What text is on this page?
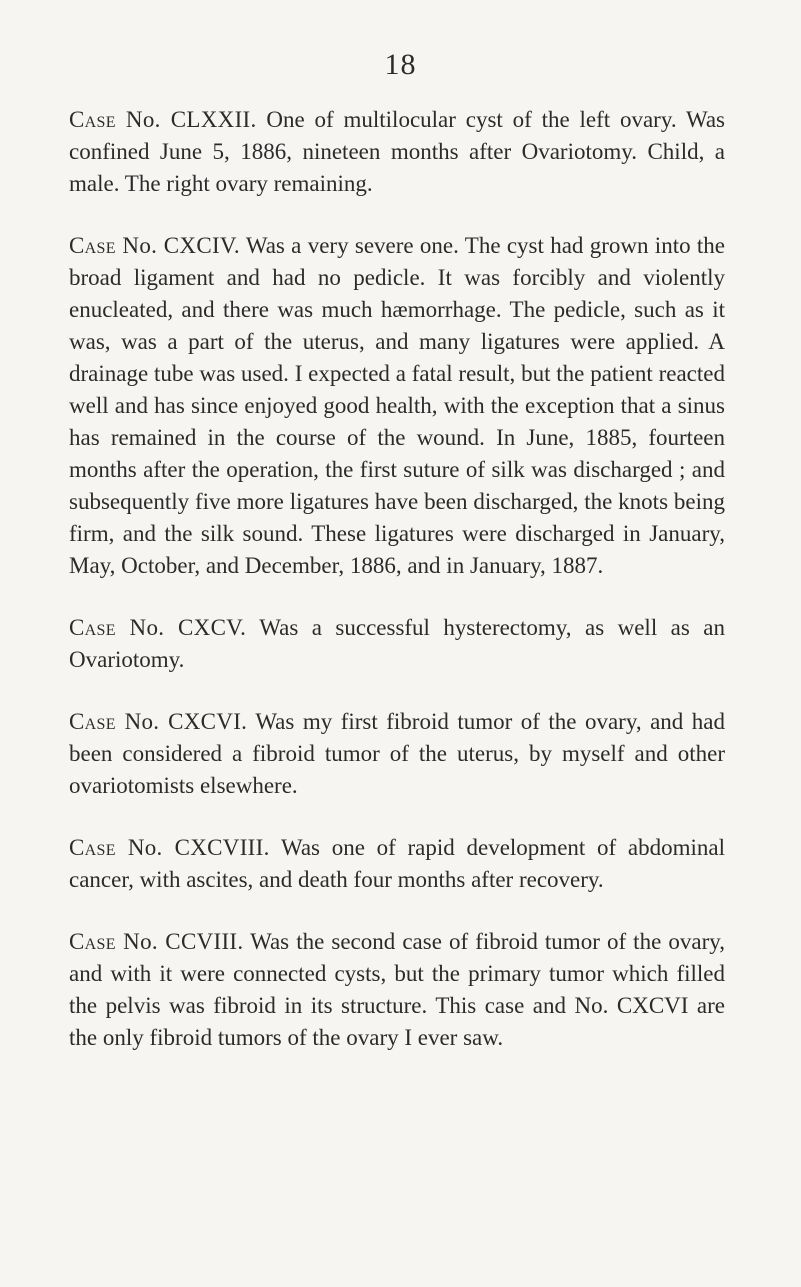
18

Case No. CLXXII. One of multilocular cyst of the left ovary. Was confined June 5, 1886, nineteen months after Ovariotomy. Child, a male. The right ovary remaining.

Case No. CXCIV. Was a very severe one. The cyst had grown into the broad ligament and had no pedicle. It was forcibly and violently enucleated, and there was much hæmorrhage. The pedicle, such as it was, was a part of the uterus, and many ligatures were applied. A drainage tube was used. I expected a fatal result, but the patient reacted well and has since enjoyed good health, with the exception that a sinus has remained in the course of the wound. In June, 1885, fourteen months after the operation, the first suture of silk was discharged ; and subsequently five more ligatures have been discharged, the knots being firm, and the silk sound. These ligatures were discharged in January, May, October, and December, 1886, and in January, 1887.

Case No. CXCV. Was a successful hysterectomy, as well as an Ovariotomy.

Case No. CXCVI. Was my first fibroid tumor of the ovary, and had been considered a fibroid tumor of the uterus, by myself and other ovariotomists elsewhere.

Case No. CXCVIII. Was one of rapid development of abdominal cancer, with ascites, and death four months after recovery.

Case No. CCVIII. Was the second case of fibroid tumor of the ovary, and with it were connected cysts, but the primary tumor which filled the pelvis was fibroid in its structure. This case and No. CXCVI are the only fibroid tumors of the ovary I ever saw.
